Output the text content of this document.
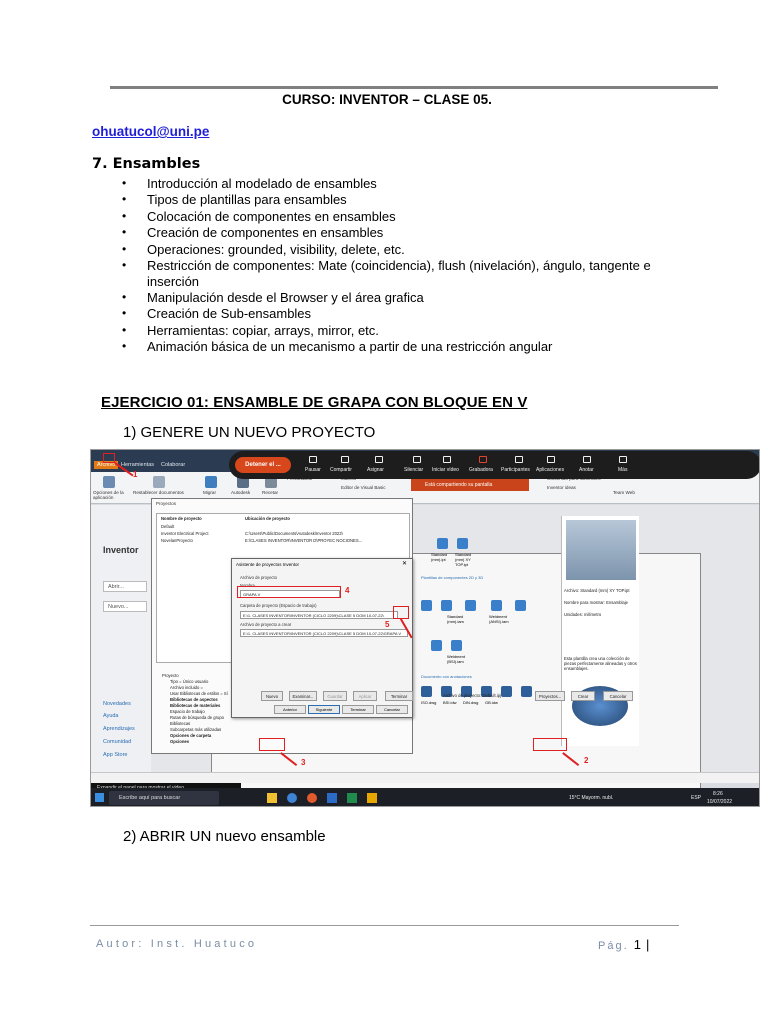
CURSO: INVENTOR – CLASE 05.
ohuatucol@uni.pe
7. Ensambles
• Introducción al modelado de ensambles
• Tipos de plantillas para ensambles
• Colocación de componentes en ensambles
• Creación de componentes en ensambles
• Operaciones: grounded, visibility, delete, etc.
• Restricción de componentes: Mate (coincidencia), flush (nivelación), ángulo, tangente e inserción
• Manipulación desde el Browser y el área grafica
• Creación de Sub-ensambles
• Herramientas: copiar, arrays, mirror, etc.
• Animación básica de un mecanismo a partir de una restricción angular
EJERCICIO 01: ENSAMBLE DE GRAPA CON BLOQUE EN V
1) GENERE UN NUEVO PROYECTO
Archivo	Herramientas Colaborar
Opciones de la aplicación
Restablecer documentos	Migrar	Autodesk	Recetar
Editor de Visual Basic	Inventor ideas
Team Web
Detener el ...
Pausar Compartir	Asignar	Silenciar Iniciar vídeo Grabadora Participantes Aplicaciones	Anotar	Más
Está compartiendo su pantalla
Inventor
Abrir...
Nuevo...
Novedades
Ayuda
Aprendizajes
Comunidad
App Store
Plantillas de componentes 2D y 3D
Standard (mm).ipt
Standard (mm) XY TOP.ipt
Standard (mm).iam
Weldment (ANSI).iam
Weldment (BSI).iam
Documento con anotaciones
ISO.dwg BSI.idw DIN.dwg GB.idw
Archivo: Standard (mm) XY TOP.ipt
Nombre para mostrar: Ensamblaje
Unidades: milímetro
Esta plantilla crea una colección de piezas perfectamente alineadas y otros ensamblajes.
Proyectos
Nombre de proyecto	Ubicación de proyecto
Default
Inventor Electrical Project	C:\Users\Public\Documents\Autodesk\Inventor 2023\
NovelanProyecto	E:\CLASES INVENTOR\INVENTOR D\PROYEC NOCIONES...
Proyecto
Tipo = Único usuario
Archivo incluido =
Usar Bibliotecas de estilos = Sí
Bibliotecas de aspectos
Bibliotecas de materiales
Espacio de trabajo
Rutas de búsqueda de grupo
Bibliotecas
Subcarpetas más utilizadas
Opciones de carpeta
Opciones
Asistente de proyectos Inventor	✕
Archivo de proyecto
Nombre
GRAPA V
Carpeta de proyecto (Espacio de trabajo)
E:\1. CLASES INVENTOR\INVENTOR (CICLO 2209)\CLASE 5 DOM 10-07-22\
Archivo de proyecto a crear
E:\1. CLASES INVENTOR\INVENTOR (CICLO 2209)\CLASE 5 DOM 10-07-22\GRAPA V
Anterior	Siguiente	Terminar	Cancelar
Nuevo	Examinar...	Guardar	Aplicar	Terminar	Archivo de proyecto: Default.ipj	Proyectos...	Crear	Cancelar
1
2
3
4
5
Escribe aquí para buscar	15°C Mayorm. nubl.	ESP
8:26
10/07/2022
2) ABRIR UN nuevo ensamble
Autor: Inst. Huatuco	Pág. 1 |
